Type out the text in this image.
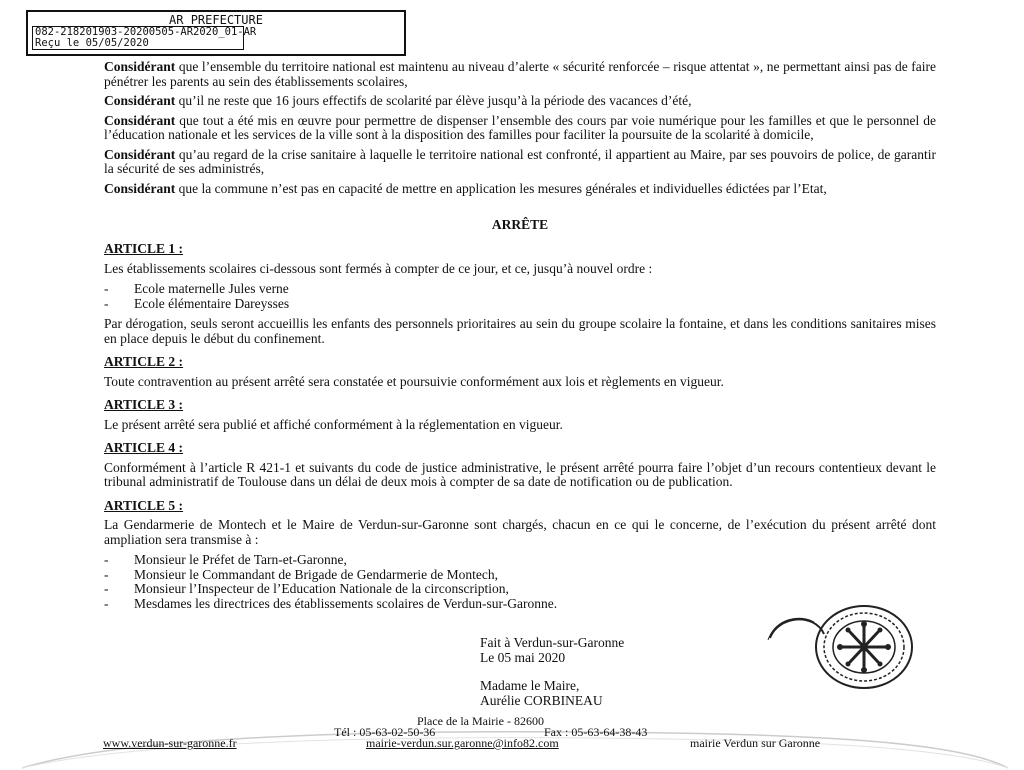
AR PREFECTURE
082-218201903-20200505-AR2020_01-AR
Reçu le 05/05/2020

Considérant que l’ensemble du territoire national est maintenu au niveau d’alerte « sécurité renforcée – risque attentat », ne permettant ainsi pas de faire pénétrer les parents au sein des établissements scolaires,

Considérant qu’il ne reste que 16 jours effectifs de scolarité par élève jusqu’à la période des vacances d’été,

Considérant que tout a été mis en œuvre pour permettre de dispenser l’ensemble des cours par voie numérique pour les familles et que le personnel de l’éducation nationale et les services de la ville sont à la disposition des familles pour faciliter la poursuite de la scolarité à domicile,

Considérant qu’au regard de la crise sanitaire à laquelle le territoire national est confronté, il appartient au Maire, par ses pouvoirs de police, de garantir la sécurité de ses administrés,

Considérant que la commune n’est pas en capacité de mettre en application les mesures générales et individuelles édictées par l’Etat,

ARRÊTE
ARTICLE 1 :

Les établissements scolaires ci-dessous sont fermés à compter de ce jour, et ce, jusqu’à nouvel ordre :

- Ecole maternelle Jules verne
- Ecole élémentaire Dareysses

Par dérogation, seuls seront accueillis les enfants des personnels prioritaires au sein du groupe scolaire la fontaine, et dans les conditions sanitaires mises en place depuis le début du confinement.

ARTICLE 2 :

Toute contravention au présent arrêté sera constatée et poursuivie conformément aux lois et règlements en vigueur.

ARTICLE 3 :

Le présent arrêté sera publié et affiché conformément à la réglementation en vigueur.

ARTICLE 4 :

Conformément à l’article R 421-1 et suivants du code de justice administrative, le présent arrêté pourra faire l’objet d’un recours contentieux devant le tribunal administratif de Toulouse dans un délai de deux mois à compter de sa date de notification ou de publication.

ARTICLE 5 :

La Gendarmerie de Montech et le Maire de Verdun-sur-Garonne sont chargés, chacun en ce qui le concerne, de l’exécution du présent arrêté dont ampliation sera transmise à :

- Monsieur le Préfet de Tarn-et-Garonne,
- Monsieur le Commandant de Brigade de Gendarmerie de Montech,
- Monsieur l’Inspecteur de l’Education Nationale de la circonscription,
- Mesdames les directrices des établissements scolaires de Verdun-sur-Garonne.
Fait à Verdun-sur-Garonne
Le 05 mai 2020
Madame le Maire,
Aurélie CORBINEAU
Place de la Mairie - 82600
Tél : 05-63-02-50-36	Fax : 05-63-64-38-43
www.verdun-sur-garonne.fr	mairie-verdun.sur.garonne@info82.com	mairie Verdun sur Garonne
